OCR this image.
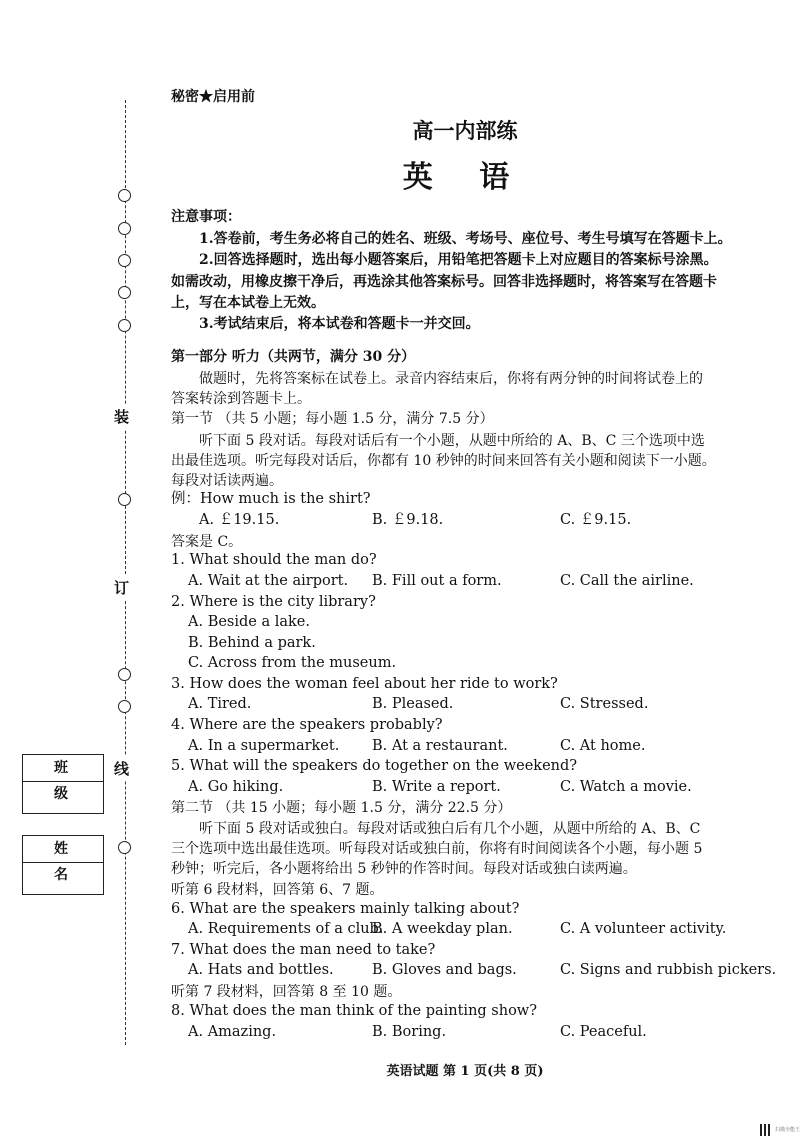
装
订
线
班 级
姓 名
秘密★启用前
高一内部练
英 语
注意事项：
1.答卷前，考生务必将自己的姓名、班级、考场号、座位号、考生号填写在答题卡上。
2.回答选择题时，选出每小题答案后，用铅笔把答题卡上对应题目的答案标号涂黑。
如需改动，用橡皮擦干净后，再选涂其他答案标号。回答非选择题时，将答案写在答题卡
上，写在本试卷上无效。
3.考试结束后，将本试卷和答题卡一并交回。
第一部分 听力（共两节，满分 30 分）
做题时，先将答案标在试卷上。录音内容结束后，你将有两分钟的时间将试卷上的
答案转涂到答题卡上。
第一节 （共 5 小题；每小题 1.5 分，满分 7.5 分）
听下面 5 段对话。每段对话后有一个小题，从题中所给的 A、B、C 三个选项中选
出最佳选项。听完每段对话后，你都有 10 秒钟的时间来回答有关小题和阅读下一小题。
每段对话读两遍。
例：How much is the shirt?
A. ￡19.15.	B. ￡9.18.	C. ￡9.15.
答案是 C。
1. What should the man do?
A. Wait at the airport. B. Fill out a form.	C. Call the airline.
2. Where is the city library?
A. Beside a lake.
B. Behind a park.
C. Across from the museum.
3. How does the woman feel about her ride to work?
A. Tired.	B. Pleased.	C. Stressed.
4. Where are the speakers probably?
A. In a supermarket. B. At a restaurant.	C. At home.
5. What will the speakers do together on the weekend?
A. Go hiking.	B. Write a report.	C. Watch a movie.
第二节 （共 15 小题；每小题 1.5 分，满分 22.5 分）
听下面 5 段对话或独白。每段对话或独白后有几个小题，从题中所给的 A、B、C
三个选项中选出最佳选项。听每段对话或独白前，你将有时间阅读各个小题，每小题 5
秒钟；听完后，各小题将给出 5 秒钟的作答时间。每段对话或独白读两遍。
听第 6 段材料，回答第 6、7 题。
6. What are the speakers mainly talking about?
A. Requirements of a club.
B. A weekday plan.	C. A volunteer activity.
7. What does the man need to take?
A. Hats and bottles.	B. Gloves and bags.	C. Signs and rubbish pickers.
听第 7 段材料，回答第 8 至 10 题。
8. What does the man think of the painting show?
A. Amazing.	B. Boring.	C. Peaceful.
英语试题 第 1 页(共 8 页)
扫描全能王
